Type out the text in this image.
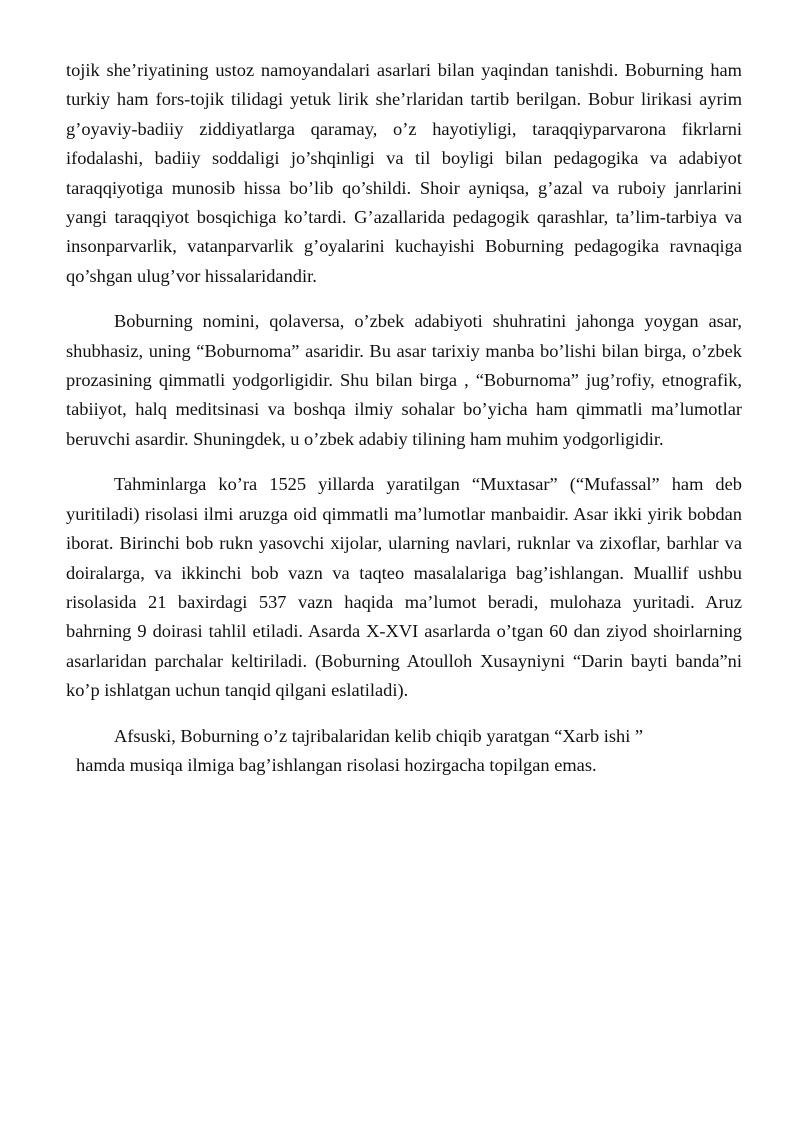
tojik she’riyatining ustoz namoyandalari asarlari bilan yaqindan tanishdi. Boburning ham turkiy ham fors-tojik tilidagi yetuk lirik she’rlaridan tartib berilgan. Bobur lirikasi ayrim g’oyaviy-badiiy ziddiyatlarga qaramay, o’z hayotiyligi, taraqqiyparvarona fikrlarni ifodalashi, badiiy soddaligi jo’shqinligi va til boyligi bilan pedagogika va adabiyot taraqqiyotiga munosib hissa bo’lib qo’shildi. Shoir ayniqsa, g’azal va ruboiy janrlarini yangi taraqqiyot bosqichiga ko’tardi. G’azallarida pedagogik qarashlar, ta’lim-tarbiya va insonparvarlik, vatanparvarlik g’oyalarini kuchayishi Boburning pedagogika ravnaqiga qo’shgan ulug’vor hissalaridandir.

Boburning nomini, qolaversa, o’zbek adabiyoti shuhratini jahonga yoygan asar, shubhasiz, uning “Boburnoma” asaridir. Bu asar tarixiy manba bo’lishi bilan birga, o’zbek prozasining qimmatli yodgorligidir. Shu bilan birga , “Boburnoma” jug’rofiy, etnografik, tabiiyot, halq meditsinasi va boshqa ilmiy sohalar bo’yicha ham qimmatli ma’lumotlar beruvchi asardir. Shuningdek, u o’zbek adabiy tilining ham muhim yodgorligidir.

Tahminlarga ko’ra 1525 yillarda yaratilgan “Muxtasar” (“Mufassal” ham deb yuritiladi) risolasi ilmi aruzga oid qimmatli ma’lumotlar manbaidir. Asar ikki yirik bobdan iborat. Birinchi bob rukn yasovchi xijolar, ularning navlari, ruknlar va zixoflar, barhlar va doiralarga, va ikkinchi bob vazn va taqteo masalalariga bag’ishlangan. Muallif ushbu risolasida 21 baxirdagi 537 vazn haqida ma’lumot beradi, mulohaza yuritadi. Aruz bahrning 9 doirasi tahlil etiladi. Asarda X-XVI asarlarda o’tgan 60 dan ziyod shoirlarning asarlaridan parchalar keltiriladi. (Boburning Atoulloh Xusayniyni “Darin bayti banda”ni ko’p ishlatgan uchun tanqid qilgani eslatiladi).

Afsuski, Boburning o’z tajribalaridan kelib chiqib yaratgan “Xarb ishi ”
hamda musiqa ilmiga bag’ishlangan risolasi hozirgacha topilgan emas.
